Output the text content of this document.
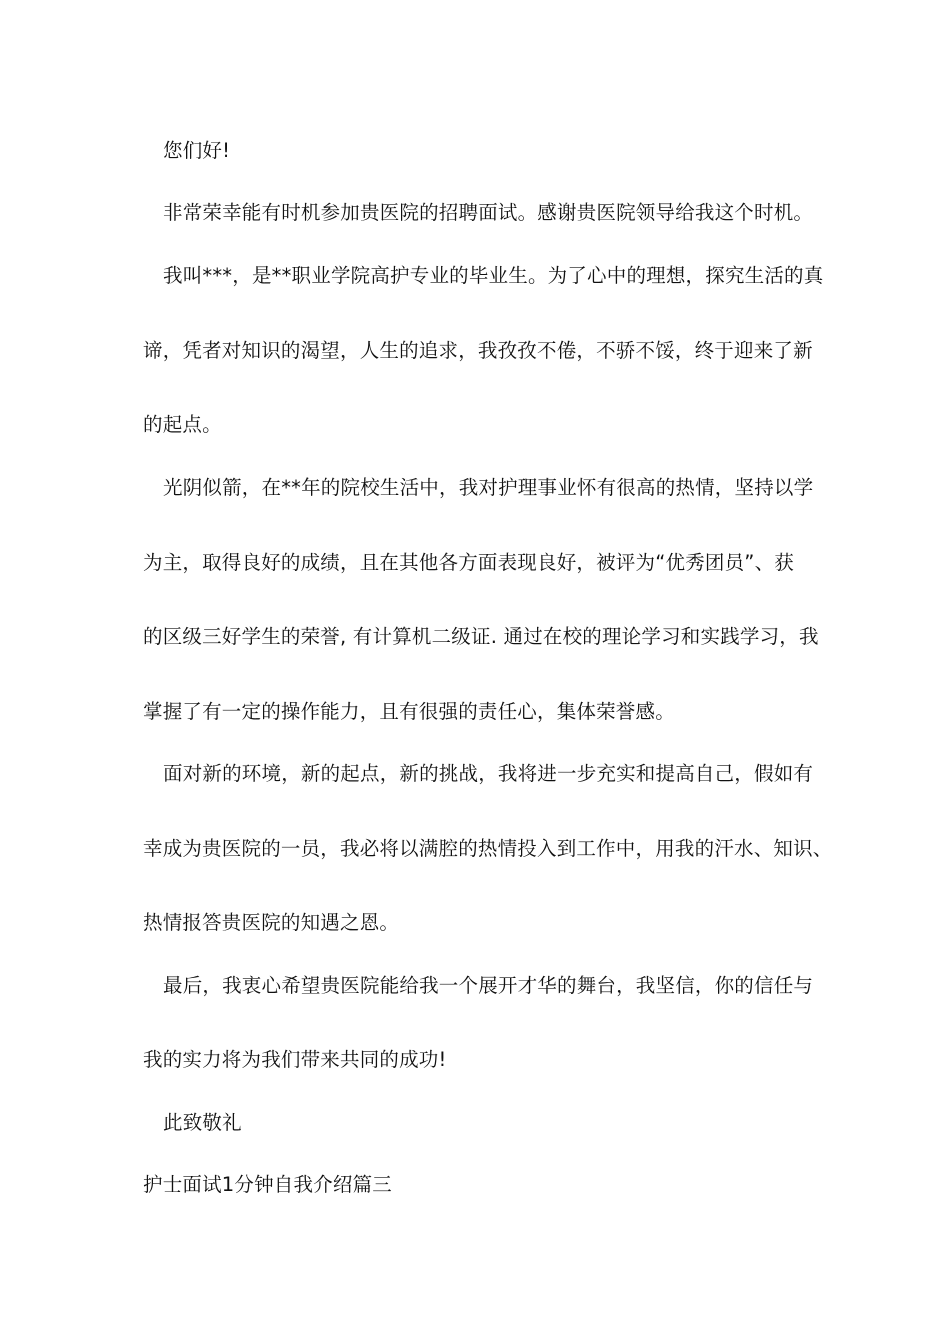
您们好!
非常荣幸能有时机参加贵医院的招聘面试。感谢贵医院领导给我这个时机。
我叫***，是**职业学院高护专业的毕业生。为了心中的理想，探究生活的真
谛，凭者对知识的渴望，人生的追求，我孜孜不倦，不骄不馁，终于迎来了新
的起点。
光阴似箭，在**年的院校生活中，我对护理事业怀有很高的热情，坚持以学
为主，取得良好的成绩，且在其他各方面表现良好，被评为“优秀团员”、获
的区级三好学生的荣誉, 有计算机二级证. 通过在校的理论学习和实践学习，我
掌握了有一定的操作能力，且有很强的责任心，集体荣誉感。
面对新的环境，新的起点，新的挑战，我将进一步充实和提高自己，假如有
幸成为贵医院的一员，我必将以满腔的热情投入到工作中，用我的汗水、知识、
热情报答贵医院的知遇之恩。
最后，我衷心希望贵医院能给我一个展开才华的舞台，我坚信，你的信任与
我的实力将为我们带来共同的成功!
此致敬礼
护士面试1分钟自我介绍篇三
